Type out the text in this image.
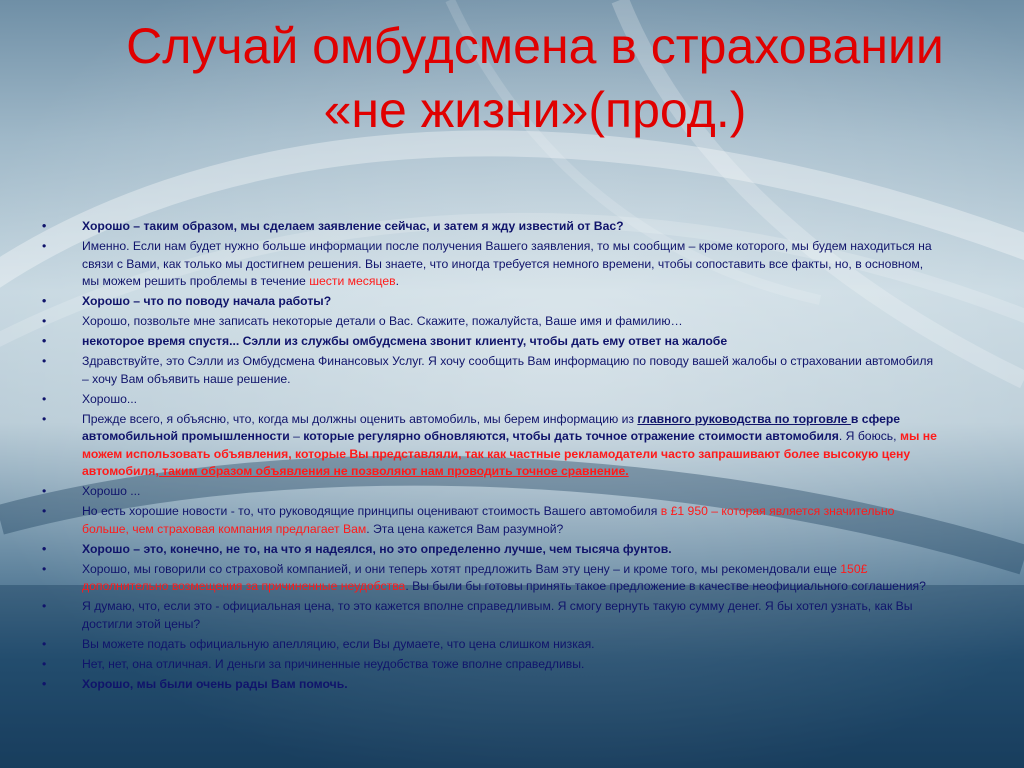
Случай омбудсмена в страховании «не жизни»(прод.)
• Хорошо – таким образом, мы сделаем заявление сейчас, и затем я жду известий от Вас?
• Именно. Если нам будет нужно больше информации после получения Вашего заявления, то мы сообщим – кроме которого, мы будем находиться на связи с Вами, как только мы достигнем решения. Вы знаете, что иногда требуется немного времени, чтобы сопоставить все факты, но, в основном, мы можем решить проблемы в течение шести месяцев.
• Хорошо – что по поводу начала работы?
• Хорошо, позвольте мне записать некоторые детали о Вас. Скажите, пожалуйста, Ваше имя и фамилию…
• некоторое время спустя... Сэлли из службы омбудсмена звонит клиенту, чтобы дать ему ответ на жалобе
• Здравствуйте, это Сэлли из Омбудсмена Финансовых Услуг. Я хочу сообщить Вам информацию по поводу вашей жалобы о страховании автомобиля – хочу Вам объявить наше решение.
• Хорошо...
• Прежде всего, я объясню, что, когда мы должны оценить автомобиль, мы берем информацию из главного руководства по торговле в сфере автомобильной промышленности – которые регулярно обновляются, чтобы дать точное отражение стоимости автомобиля. Я боюсь, мы не можем использовать объявления, которые Вы представляли, так как частные рекламодатели часто запрашивают более высокую цену автомобиля, таким образом объявления не позволяют нам проводить точное сравнение.
• Хорошо ...
• Но есть хорошие новости - то, что руководящие принципы оценивают стоимость Вашего автомобиля в £1 950 – которая является значительно больше, чем страховая компания предлагает Вам. Эта цена кажется Вам разумной?
• Хорошо – это, конечно, не то, на что я надеялся, но это определенно лучше, чем тысяча фунтов.
• Хорошо, мы говорили со страховой компанией, и они теперь хотят предложить Вам эту цену – и кроме того, мы рекомендовали еще 150£ дополнительно возмещения за причиненные неудобства. Вы были бы готовы принять такое предложение в качестве неофициального соглашения?
• Я думаю, что, если это - официальная цена, то это кажется вполне справедливым. Я смогу вернуть такую сумму денег. Я бы хотел узнать, как Вы достигли этой цены?
• Вы можете подать официальную апелляцию, если Вы думаете, что цена слишком низкая.
• Нет, нет, она отличная. И деньги за причиненные неудобства тоже вполне справедливы.
• Хорошо, мы были очень рады Вам помочь.
